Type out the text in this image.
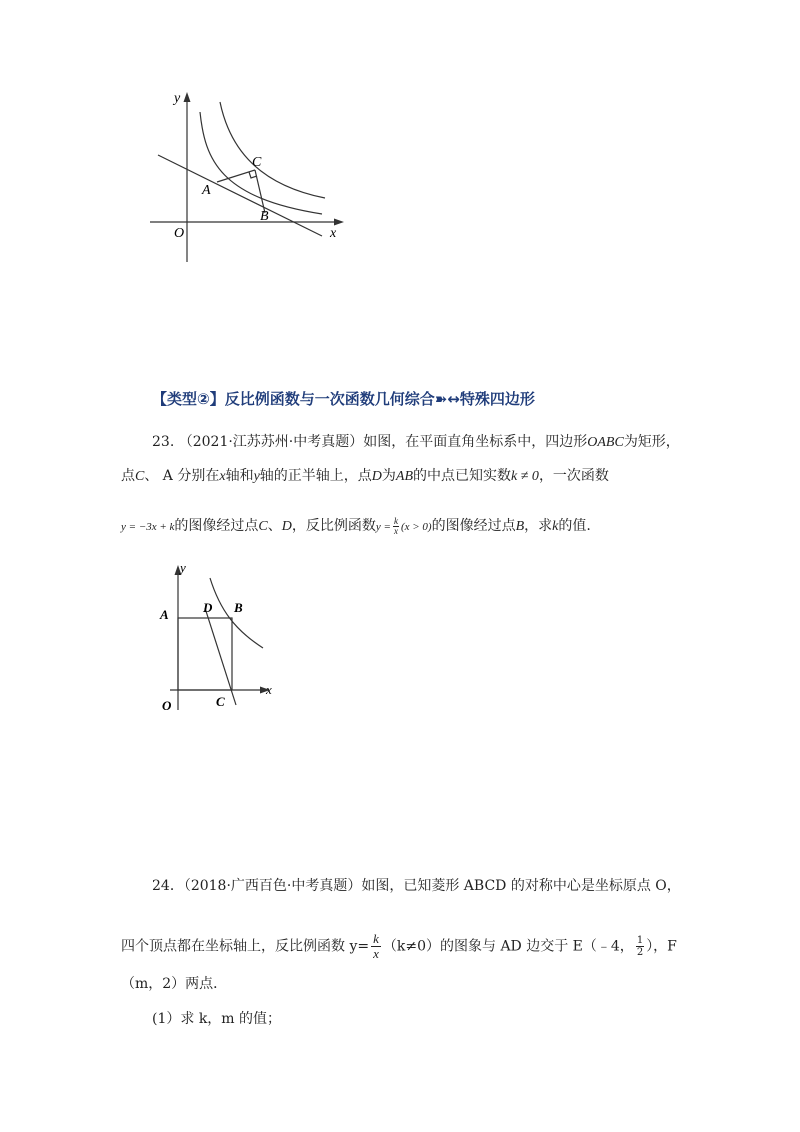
y
x
O
A
B
C
【类型②】反比例函数与一次函数几何综合➽↔特殊四边形
23. （2021·江苏苏州·中考真题）如图，在平面直角坐标系中，四边形OABC为矩形，
点C、 A 分别在x轴和y轴的正半轴上，点D为AB的中点已知实数k ≠ 0，一次函数
y = −3x + k的图像经过点C、D，反比例函数$y = \frac{k}{x} (x > 0)$的图像经过点B，求k的值.
y
x
O
A	B
C
D
24．（2018·广西百色·中考真题）如图，已知菱形 ABCD 的对称中心是坐标原点 O，
四个顶点都在坐标轴上，反比例函数 $y= \frac{k}{x} (k\ne 0)$的图象与 AD 边交于 E（﹣4， $\frac{1}{2}$ ），F
（m，2）两点．
(1）求 k，m 的值；
